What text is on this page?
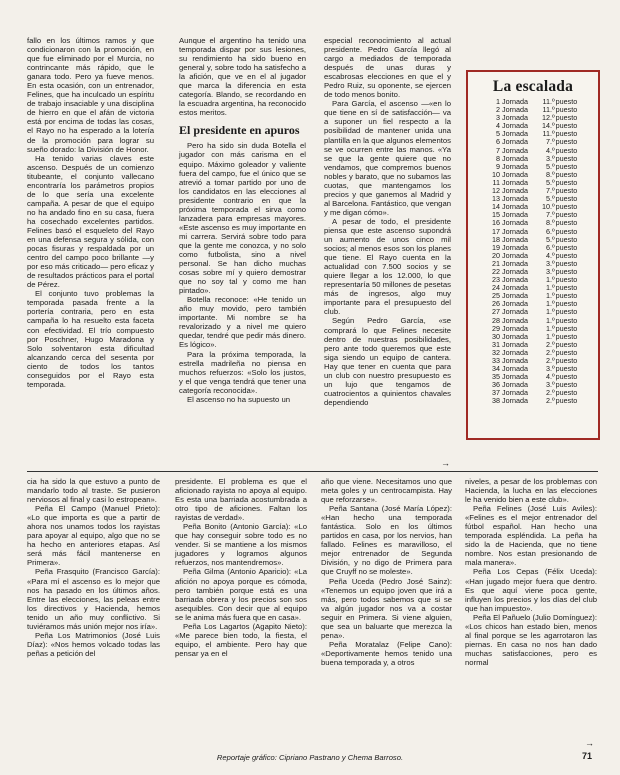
fallo en los últimos ramos y que condicionaron con la promoción, en que fue eliminado por el Murcia, no contrincante más rápido, que le ganara todo. Pero ya fueve menos. En esta ocasión, con un entrenador, Felines, que ha inculcado un espíritu de trabajo insaciable y una disciplina de hierro en que el afán de victoria está por encima de todas las cosas, el Rayo no ha esperado a la lotería de la promoción para lograr su sueño dorado: la División de Honor.

Ha tenido varias claves este ascenso. Después de un comienzo titubeante, el conjunto vallecano encontraría los parámetros propios de lo que sería una excelente campaña. A pesar de que el equipo no ha andado fino en su casa, fuera ha cosechado excelentes partidos. Felines basó el esqueleto del Rayo en una defensa segura y sólida, con pocas fisuras y respaldada por un centro del campo poco brillante —y por eso más criticado— pero eficaz y de resultados prácticos para el portal de Pérez.

El conjunto tuvo problemas la temporada pasada frente a la portería contraria, pero en esta campaña lo ha resuelto esta faceta con efectividad. El trío compuesto por Poschner, Hugo Maradona y Solo solventaron esta dificultad alcanzando cerca del sesenta por ciento de todos los tantos conseguidos por el Rayo esta temporada.

Aunque el argentino ha tenido una temporada dispar por sus lesiones, su rendimiento ha sido bueno en general y, sobre todo ha satisfecho a la afición, que ve en el al jugador que marca la diferencia en esta categoría. Blando, se recordando en la escuadra argentina, ha reconocido estos meritos.

El presidente en apuros

Pero ha sido sin duda Botella el jugador con más carisma en el equipo. Máximo goleador y valiente fuera del campo, fue el único que se atrevió a tomar partido por uno de los candidatos en las elecciones al presidente contrario en que la próxima temporada el sirva como lanzadera para empresas mayores. «Este ascenso es muy importante en mi carrera. Servirá sobre todo para que la gente me conozca, y no solo como futbolista, sino a nivel personal. Se han dicho muchas cosas sobre mí y quiero demostrar que no soy tal y como me han pintado».

Botella reconoce: «He tenido un año muy movido, pero también importante. Mi nombre se ha revalorizado y a nivel me quiero quedar, tendré que pedir más dinero. Es lógico».

Para la próxima temporada, la estrella madrileña no piensa en muchos refuerzos: «Solo los justos, y el que venga tendrá que tener una categoría reconocida».

El ascenso no ha supuesto un

especial reconocimiento al actual presidente. Pedro García llegó al cargo a mediados de temporada después de unas duras y escabrosas elecciones en que el y Pedro Ruiz, su oponente, se ejercen de todo menos bonito.

Para García, el ascenso —«en lo que tiene en sí de satisfacción— va a suponer un fiel respecto a la posibilidad de mantener unida una plantilla en la que algunos elementos se ve ocurren entre las manos. «Ya se que la gente quiere que no vendamos, que compremos buenos nobles y barato, que no subamos las cuotas, que mantengamos los precios y que ganemos al Madrid y al Barcelona. Fantástico, que vengan y me digan cómo».

A pesar de todo, el presidente piensa que este ascenso supondrá un aumento de unos cinco mil socios; al menos esos son los planes que tiene. El Rayo cuenta en la actualidad con 7.500 socios y se quiere llegar a los 12.000, lo que representaría 50 millones de pesetas más de ingresos, algo muy importante para el presupuesto del club.

Según Pedro García, «se comprará lo que Felines necesite dentro de nuestras posibilidades, pero ante todo queremos que este siga siendo un equipo de cantera. Hay que tener en cuenta que para un club con nuestro presupuesto es un lujo que tengamos de cuatrocientos a quinientos chavales dependiendo

→
La escalada
1	Jornada	11.º	puesto
2	Jornada	11.º	puesto
3	Jornada	12.º	puesto
4	Jornada	14.º	puesto
5	Jornada	11.º	puesto
6	Jornada	7.º	puesto
7	Jornada	4.º	puesto
8	Jornada	3.º	puesto
9	Jornada	5.º	puesto
10	Jornada	8.º	puesto
11	Jornada	5.º	puesto
12	Jornada	7.º	puesto
13	Jornada	5.º	puesto
14	Jornada	10.º	puesto
15	Jornada	7.º	puesto
16	Jornada	8.º	puesto
17	Jornada	6.º	puesto
18	Jornada	5.º	puesto
19	Jornada	6.º	puesto
20	Jornada	4.º	puesto
21	Jornada	3.º	puesto
22	Jornada	3.º	puesto
23	Jornada	1.º	puesto
24	Jornada	1.º	puesto
25	Jornada	1.º	puesto
26	Jornada	1.º	puesto
27	Jornada	1.º	puesto
28	Jornada	1.º	puesto
29	Jornada	1.º	puesto
30	Jornada	1.º	puesto
31	Jornada	2.º	puesto
32	Jornada	2.º	puesto
33	Jornada	2.º	puesto
34	Jornada	3.º	puesto
35	Jornada	4.º	puesto
36	Jornada	3.º	puesto
37	Jornada	2.º	puesto
38	Jornada	2.º	puesto

cia ha sido la que estuvo a punto de mandarlo todo al traste. Se pusieron nerviosos al final y casi lo estropean».

Peña El Campo (Manuel Prieto): «Lo que importa es que a partir de ahora nos unamos todos los rayistas para apoyar al equipo, algo que no se ha hecho en anteriores etapas. Así será más fácil mantenerse en Primera».

Peña Frasquito (Francisco García): «Para mí el ascenso es lo mejor que nos ha pasado en los últimos años. Entre las elecciones, las peleas entre los directivos y Hacienda, hemos tenido un año muy conflictivo. Si tuviéramos más unión mejor nos iría».

Peña Los Matrimonios (José Luis Díaz): «Nos hemos volcado todas las peñas a petición del

presidente. El problema es que el aficionado rayista no apoya al equipo. Es esta una barriada acostumbrada a otro tipo de aficiones. Faltan los rayistas de verdad».

Peña Bonito (Antonio García): «Lo que hay conseguir sobre todo es no vender. Si se mantiene a los mismos jugadores y logramos algunos refuerzos, nos mantendremos».

Peña Gilma (Antonio Aparicio): «La afición no apoya porque es cómoda, pero también porque está es una barriada obrera y los precios son sos asequibles. Con decir que al equipo se le anima más fuera que en casa».

Peña Los Lagartos (Agapito Nieto): «Me parece bien todo, la fiesta, el equipo, el ambiente. Pero hay que pensar ya en el

año que viene. Necesitamos uno que meta goles y un centrocampista. Hay que reforzarse».

Peña Santana (José María López): «Han hecho una temporada fantástica. Solo en los últimos partidos en casa, por los nervios, han fallado. Felines es maravilloso, el mejor entrenador de Segunda División, y no digo de Primera para que Cruyff no se moleste».

Peña Uceda (Pedro José Sainz): «Tenemos un equipo joven que irá a más, pero todos sabemos que si se va algún jugador nos va a costar seguir en Primera. Si viene alguien, que sea un baluarte que merezca la pena».

Peña Moratalaz (Felipe Cano): «Deportivamente hemos tenido una buena temporada y, a otros

niveles, a pesar de los problemas con Hacienda, la lucha en las elecciones le ha venido bien a este club».

Peña Felines (José Luis Aviles): «Felines es el mejor entrenador del fútbol español. Han hecho una temporada espléndida. La peña ha sido la de Hacienda, que no tiene nombre. Nos estan presionando de mala manera».

Peña Los Cepas (Félix Uceda): «Han jugado mejor fuera que dentro. Es que aquí viene poca gente, influyen los precios y los días del club que han impuesto».

Peña El Pañuelo (Julio Domínguez): «Los chicos han estado bien, menos al final porque se les agarrotaron las piernas. En casa no nos han dado muchas satisfacciones, pero es normal

→
Reportaje gráfico: Cipriano Pastrano y Chema Barroso.	71
